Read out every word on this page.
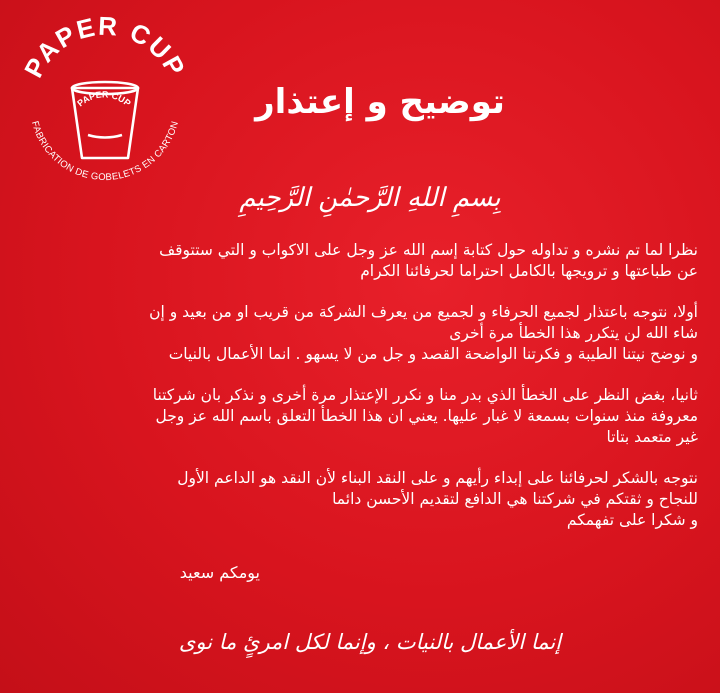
PAPER CUP
FABRICATION DE GOBELETS EN CARTON
PAPER CUP	توضيح و إعتذار
بِسمِ اللهِ الرَّحمٰنِ الرَّحِيمِ

نظرا لما تم نشره و تداوله حول كتابة إسم الله عز وجل على الاكواب و التي ستتوقف
عن طباعتها و ترويجها بالكامل احتراما لحرفائنا الكرام

أولا، نتوجه باعتذار لجميع الحرفاء و لجميع من يعرف الشركة من قريب او من بعيد و إن
شاء الله لن يتكرر هذا الخطأ مرة أخرى
و نوضح نيتنا الطيبة و فكرتنا الواضحة القصد و جل من لا يسهو . انما الأعمال بالنيات

ثانيا، بغض النظر على الخطأ الذي بدر منا و نكرر الإعتذار مرة أخرى و نذكر بان شركتنا
معروفة منذ سنوات بسمعة لا غبار عليها. يعني ان هذا الخطأ التعلق باسم الله عز وجل
غير متعمد بتاتا

نتوجه بالشكر لحرفائنا على إبداء رأيهم و على النقد البناء لأن النقد هو الداعم الأول
للنجاح و ثقتكم في شركتنا هي الدافع لتقديم الأحسن دائما
و شكرا على تفهمكم

يومكم سعيد
إنما الأعمال بالنيات ، وإنما لكل امرئٍ ما نوى
